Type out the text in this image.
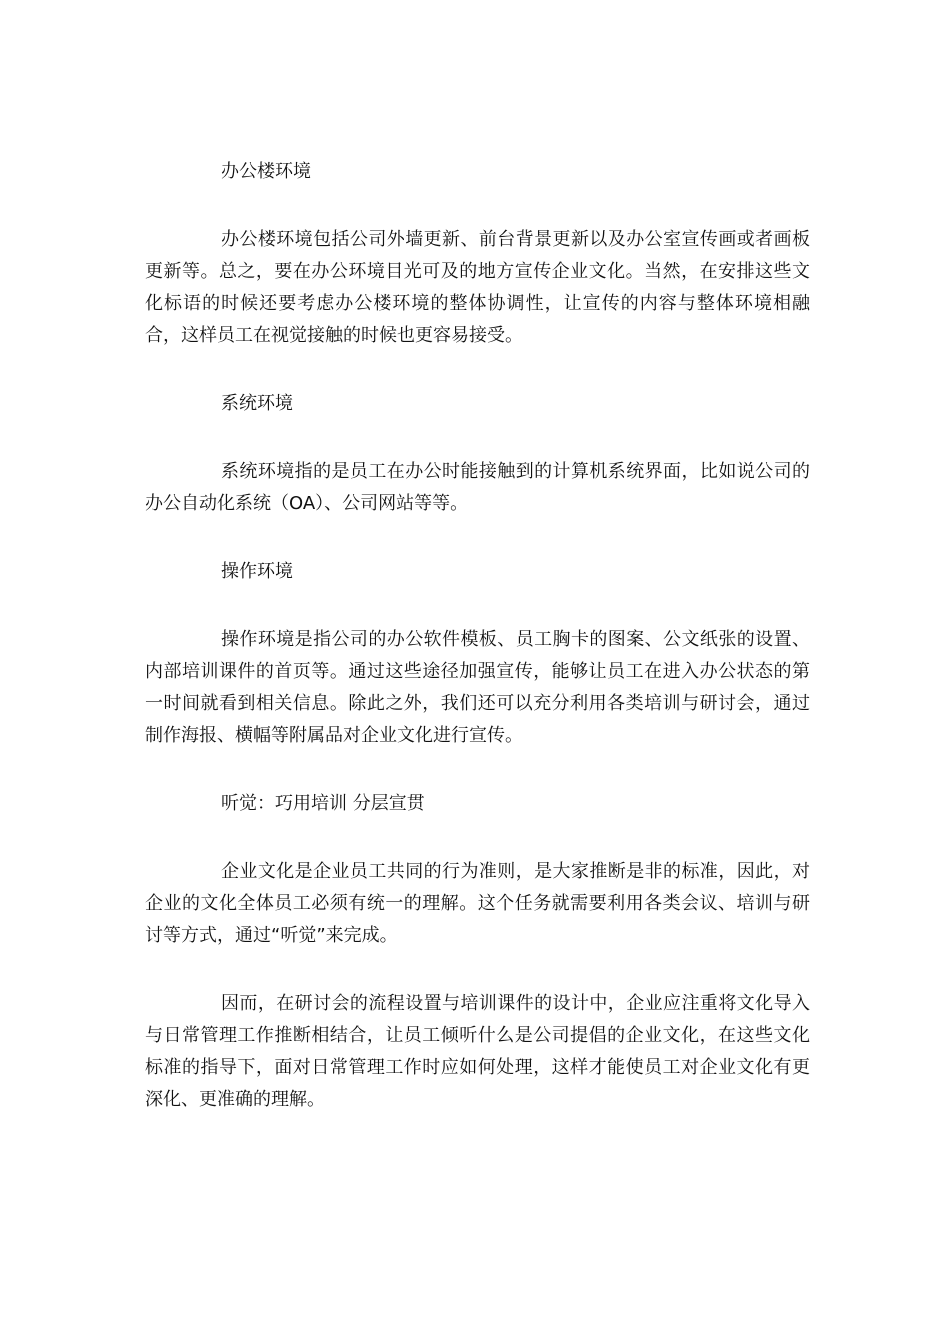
办公楼环境

办公楼环境包括公司外墙更新、前台背景更新以及办公室宣传画或者画板更新等。总之，要在办公环境目光可及的地方宣传企业文化。当然，在安排这些文化标语的时候还要考虑办公楼环境的整体协调性，让宣传的内容与整体环境相融合，这样员工在视觉接触的时候也更容易接受。

系统环境

系统环境指的是员工在办公时能接触到的计算机系统界面，比如说公司的办公自动化系统（OA）、公司网站等等。

操作环境

操作环境是指公司的办公软件模板、员工胸卡的图案、公文纸张的设置、内部培训课件的首页等。通过这些途径加强宣传，能够让员工在进入办公状态的第一时间就看到相关信息。除此之外，我们还可以充分利用各类培训与研讨会，通过制作海报、横幅等附属品对企业文化进行宣传。

听觉：巧用培训 分层宣贯

企业文化是企业员工共同的行为准则，是大家推断是非的标准，因此，对企业的文化全体员工必须有统一的理解。这个任务就需要利用各类会议、培训与研讨等方式，通过“听觉”来完成。

因而，在研讨会的流程设置与培训课件的设计中，企业应注重将文化导入与日常管理工作推断相结合，让员工倾听什么是公司提倡的企业文化，在这些文化标准的指导下，面对日常管理工作时应如何处理，这样才能使员工对企业文化有更深化、更准确的理解。
